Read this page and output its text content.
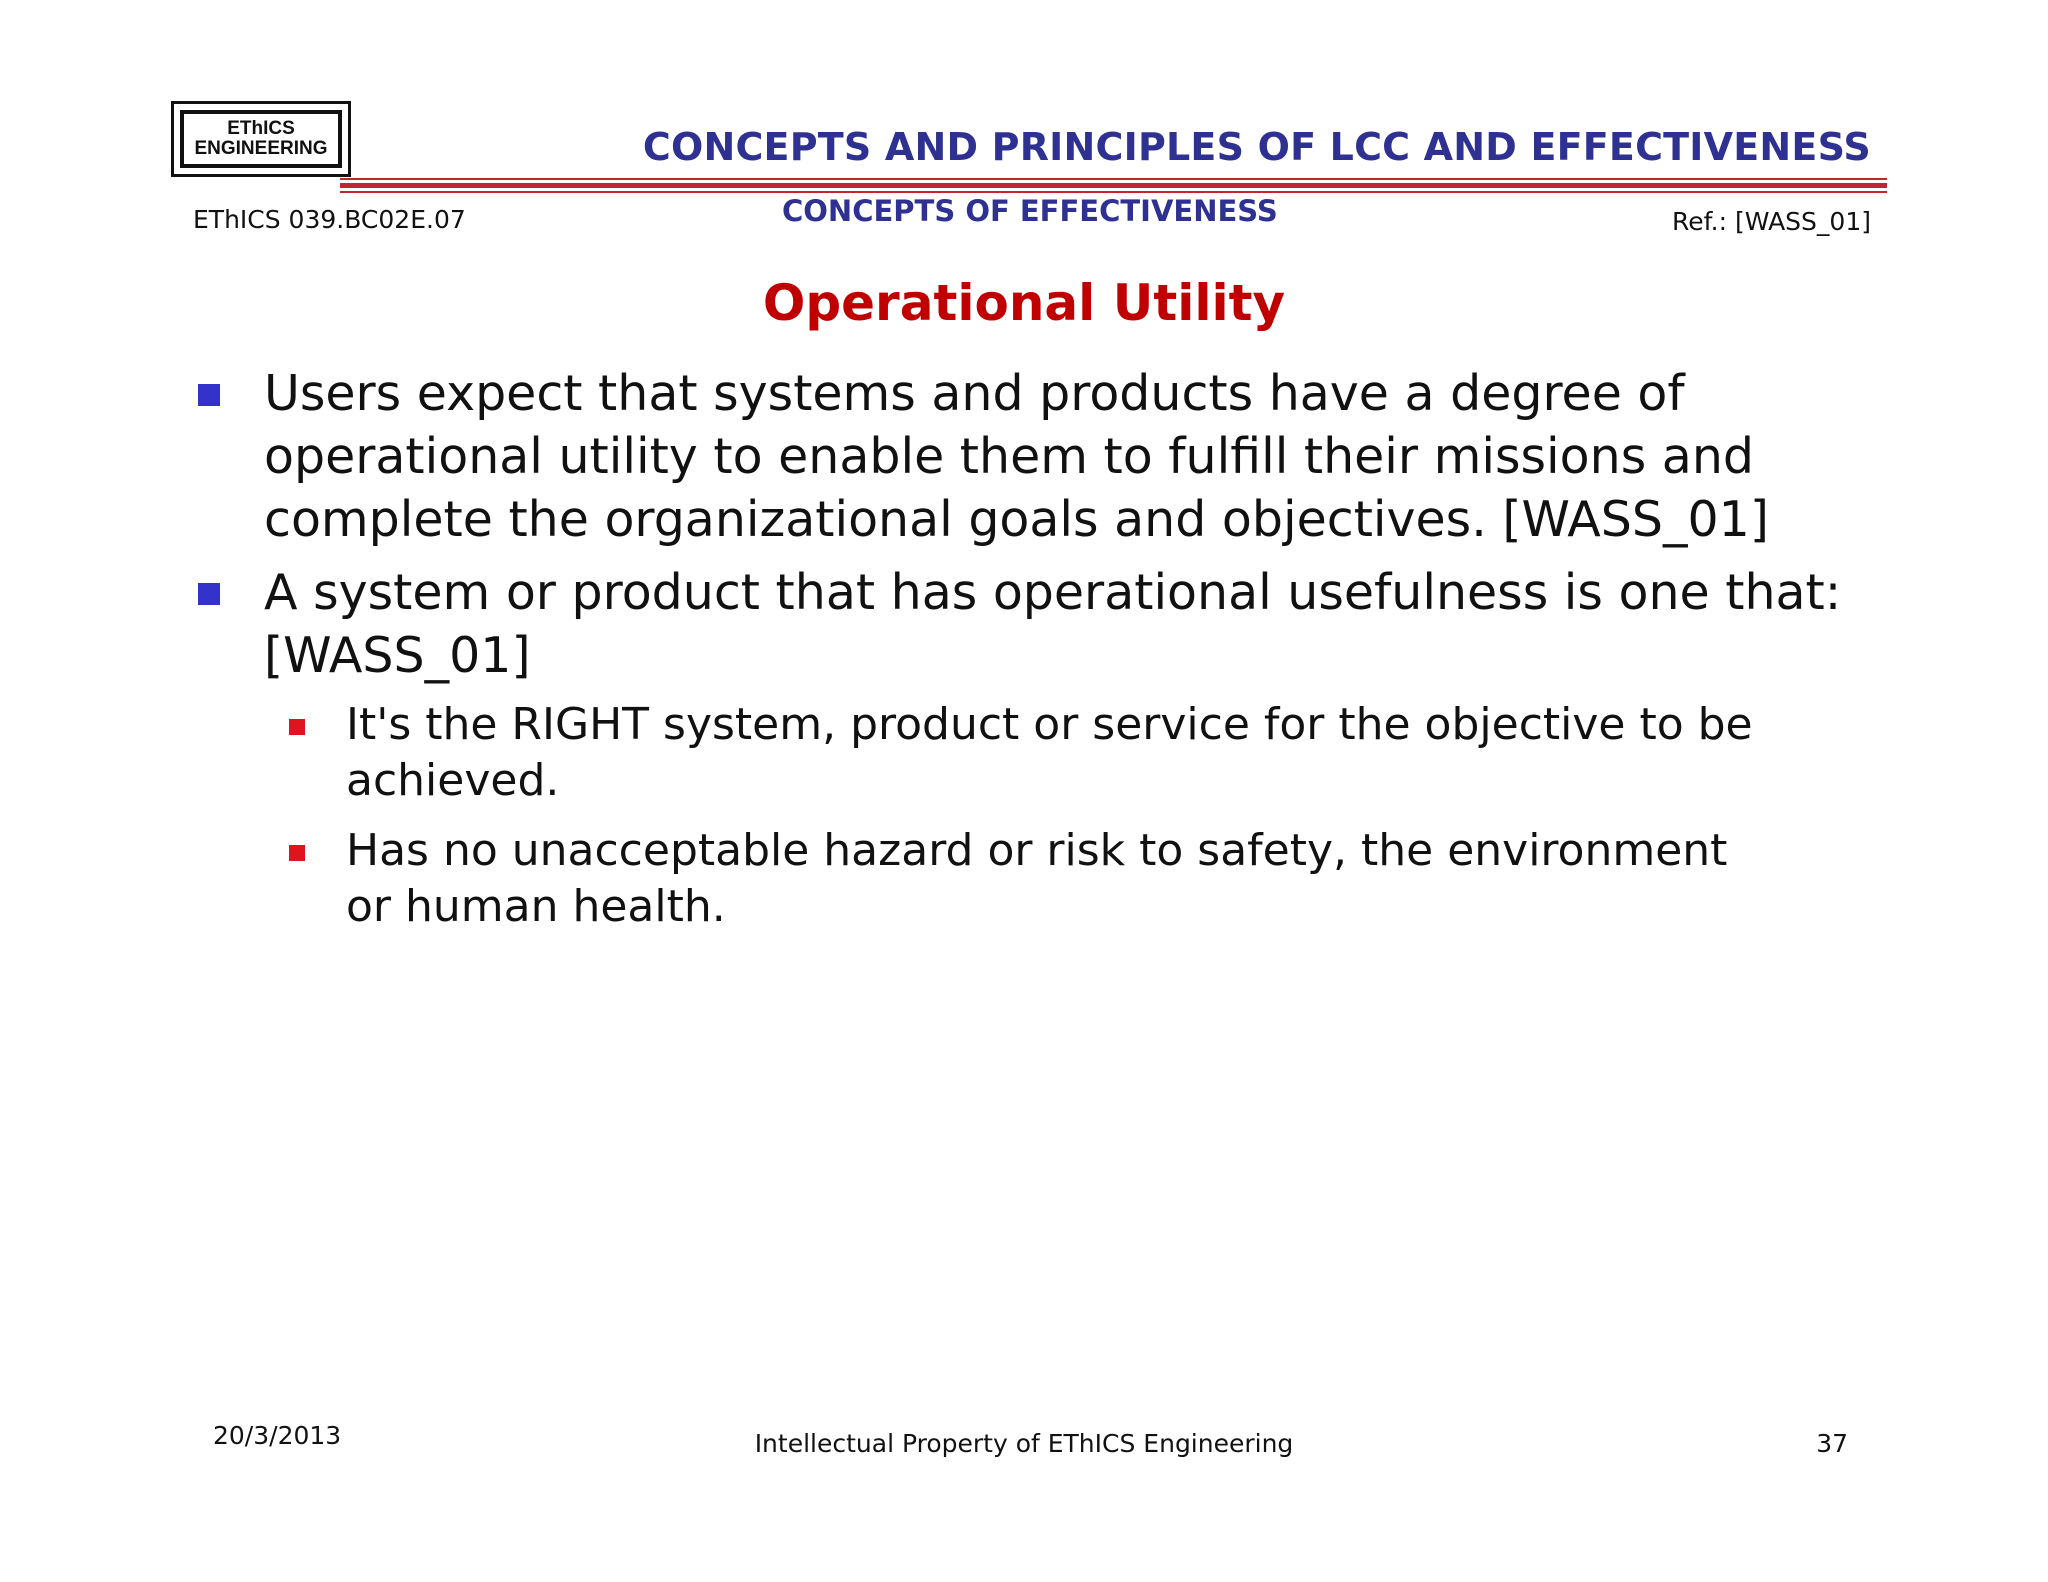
EThICS
ENGINEERING	CONCEPTS AND PRINCIPLES OF LCC AND EFFECTIVENESS
EThICS 039.BC02E.07	CONCEPTS OF EFFECTIVENESS	Ref.: [WASS_01]
Operational Utility
Users expect that systems and products have a degree of operational utility to enable them to fulfill their missions and complete the organizational goals and objectives. [WASS_01]
A system or product that has operational usefulness is one that: [WASS_01]
It's the RIGHT system, product or service for the objective to be achieved.
Has no unacceptable hazard or risk to safety, the environment or human health.
20/3/2013	Intellectual Property of EThICS Engineering	37
